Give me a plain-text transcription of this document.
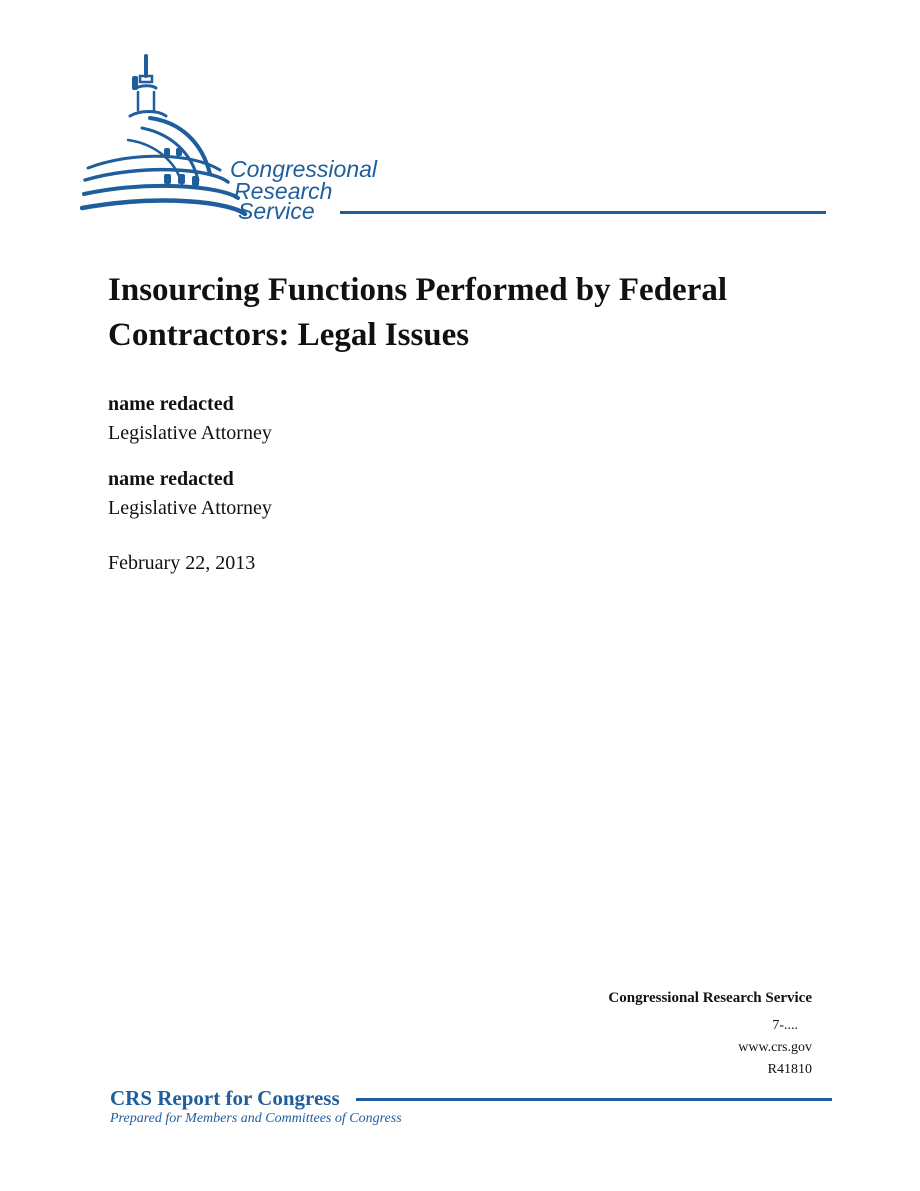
Congressional
Research
Service
Insourcing Functions Performed by Federal
Contractors: Legal Issues
name redacted
Legislative Attorney
name redacted
Legislative Attorney
February 22, 2013
Congressional Research Service
7-....
www.crs.gov
R41810
CRS Report for Congress
Prepared for Members and Committees of Congress
